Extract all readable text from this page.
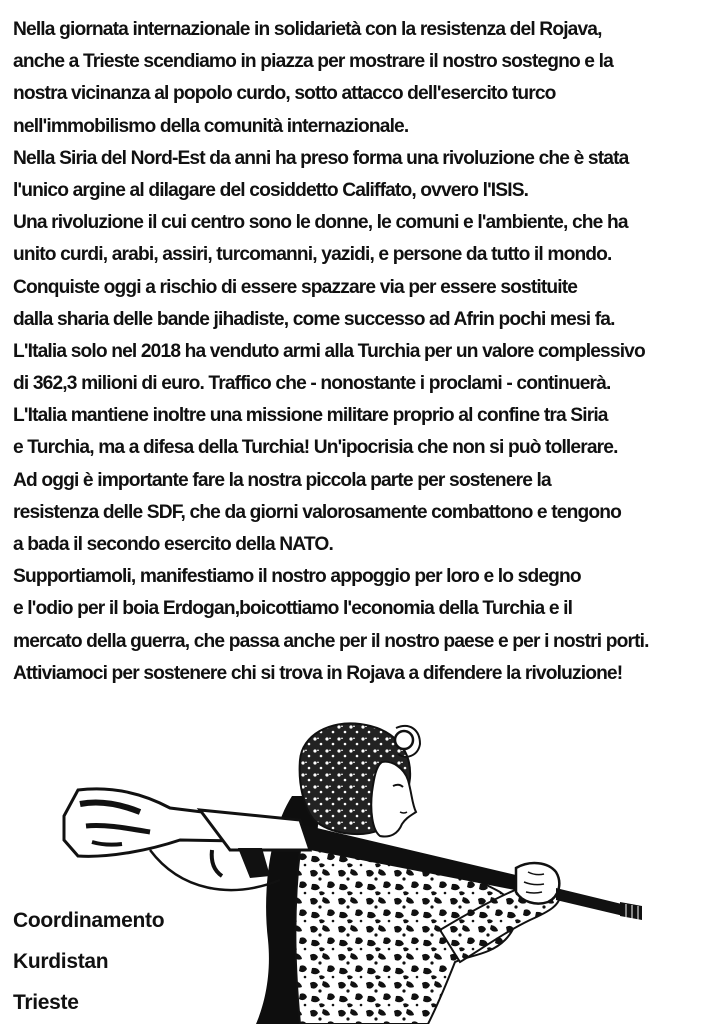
Nella giornata internazionale in solidarietà con la resistenza del Rojava,
anche a Trieste scendiamo in piazza per mostrare il nostro sostegno e la
nostra vicinanza al popolo curdo, sotto attacco dell'esercito turco
nell'immobilismo della comunità internazionale.
Nella Siria del Nord-Est da anni ha preso forma una rivoluzione che è stata
l'unico argine al dilagare del cosiddetto Califfato, ovvero l'ISIS.
Una rivoluzione il cui centro sono le donne, le comuni e l'ambiente, che ha
unito curdi, arabi, assiri, turcomanni, yazidi, e persone da tutto il mondo.
Conquiste oggi a rischio di essere spazzare via per essere sostituite
dalla sharia delle bande jihadiste, come successo ad Afrin pochi mesi fa.
L'Italia solo nel 2018 ha venduto armi alla Turchia per un valore complessivo
di 362,3 milioni di euro. Traffico che - nonostante i proclami - continuerà.
L'Italia mantiene inoltre una missione militare proprio al confine tra Siria
e Turchia, ma a difesa della Turchia! Un'ipocrisia che non si può tollerare.
Ad oggi è importante fare la nostra piccola parte per sostenere la
resistenza delle SDF, che da giorni valorosamente combattono e tengono
a bada il secondo esercito della NATO.
Supportiamoli, manifestiamo il nostro appoggio per loro e lo sdegno
e l'odio per il boia Erdogan,boicottiamo l'economia della Turchia e il
mercato della guerra, che passa anche per il nostro paese e per i nostri porti.
Attiviamoci per sostenere chi si trova in Rojava a difendere la rivoluzione!
Coordinamento
Kurdistan
Trieste
